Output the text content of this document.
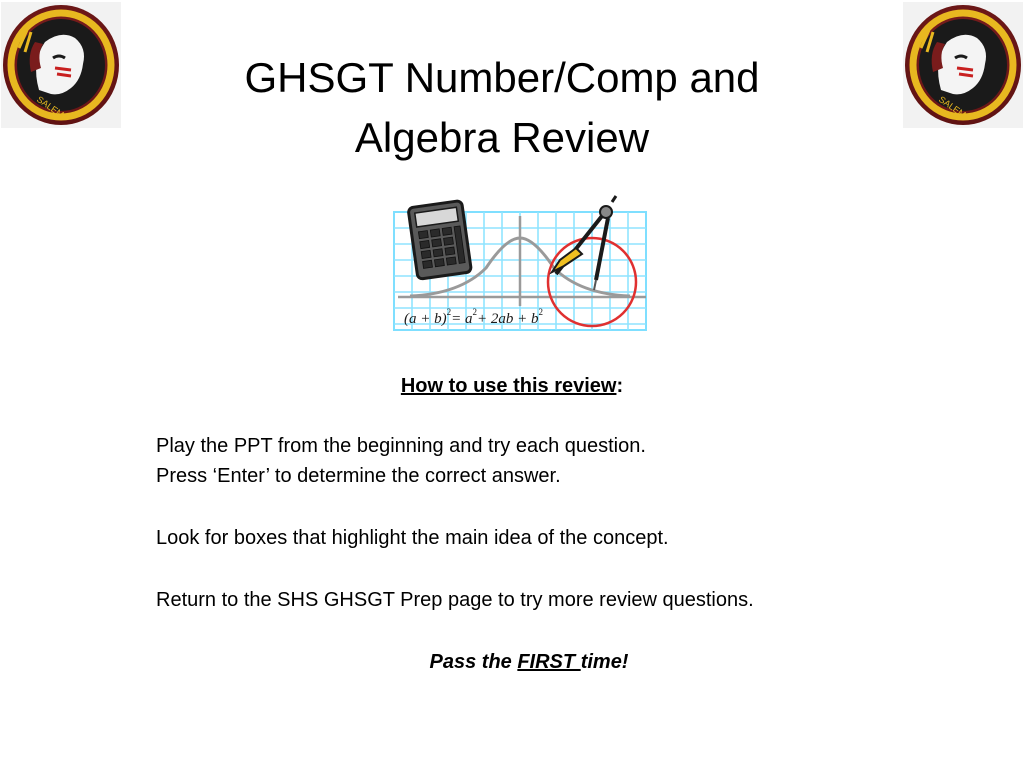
SALEM	SALEM
GHSGT Number/Comp and
Algebra Review
$(a + b)^2= a^2+ 2ab + b^2$
How to use this review:
Play the PPT from the beginning and try each question.
Press ‘Enter’ to determine the correct answer.
Look for boxes that highlight the main idea of the concept.
Return to the SHS GHSGT Prep page to try more review questions.
Pass the FIRST time!
